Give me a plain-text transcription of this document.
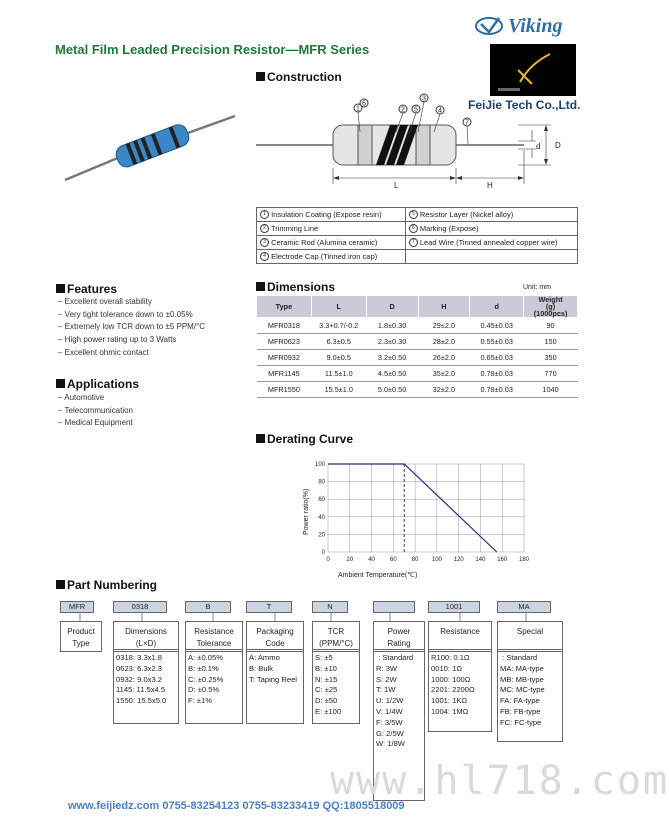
Metal Film Leaded Precision Resistor—MFR Series
Viking
FeiJie Tech Co.,Ltd.
Construction
1
6
2 5
3
4
7
L	H
d D
1 Insulation Coating (Expose resin)	5 Resistor Layer (Nickel alloy)
2 Trimming Line	6 Marking (Expose)
3 Ceramic Rod (Alumina ceramic)	7 Lead Wire (Tinned annealed copper wire)
4 Electrode Cap (Tinned iron cap)	
Features
– Excellent overall stability
– Very tight tolerance down to ±0.05%
– Extremely low TCR down to ±5 PPM/°C
– High power rating up to 3 Watts
– Excellent ohmic contact
Applications
– Automotive
– Telecommunication
– Medical Equipment
Dimensions	Unit: mm
Type	L	D	H	d	Weight
(g)
(1000pcs)
MFR0318	3.3+0.7/-0.2	1.8±0.30	29±2.0	0.45±0.03	90
MFR0623	6.3±0.5	2.3±0.30	28±2.0	0.55±0.03	150
MFR0932	9.0±0.5	3.2±0.50	26±2.0	0.65±0.03	350
MFR1145	11.5±1.0	4.5±0.50	35±2.0	0.78±0.03	770
MFR1550	15.5±1.0	5.0±0.50	32±2.0	0.78±0.03	1040
Derating Curve
0	20	40	60	80 100 120 140 160 180
0
20
40
60
80
100
Ambient Temperature(℃)
Power ratio(%)
Part Numbering
MFR
Product
Type
0318
Dimensions
(L×D)
0318: 3.3x1.8
0623: 6.3x2.3
0932: 9.0x3.2
1145: 11.5x4.5
1550: 15.5x5.0
B
Resistance
Tolerance
A: ±0.05%
B: ±0.1%
C: ±0.25%
D: ±0.5%
F: ±1%
T
Packaging
Code
A: Ammo
B: Bulk
T: Taping Reel
N
TCR
(PPM/°C)
S: ±5
B: ±10
N: ±15
C: ±25
D: ±50
E: ±100
Power
Rating
: Standard
R: 3W
S: 2W
T: 1W
U: 1/2W
V: 1/4W
F: 3/5W
G: 2/5W
W: 1/8W
1001
Resistance
R100: 0.1Ω
0010: 1Ω
1000: 100Ω
2201: 2200Ω
1001: 1KΩ
1004: 1MΩ
MA
Special
: Standard
MA: MA-type
MB: MB-type
MC: MC-type
FA: FA-type
FB: FB-type
FC: FC-type
www.hl718.com
www.feijiedz.com 0755-83254123 0755-83233419 QQ:1805518009
